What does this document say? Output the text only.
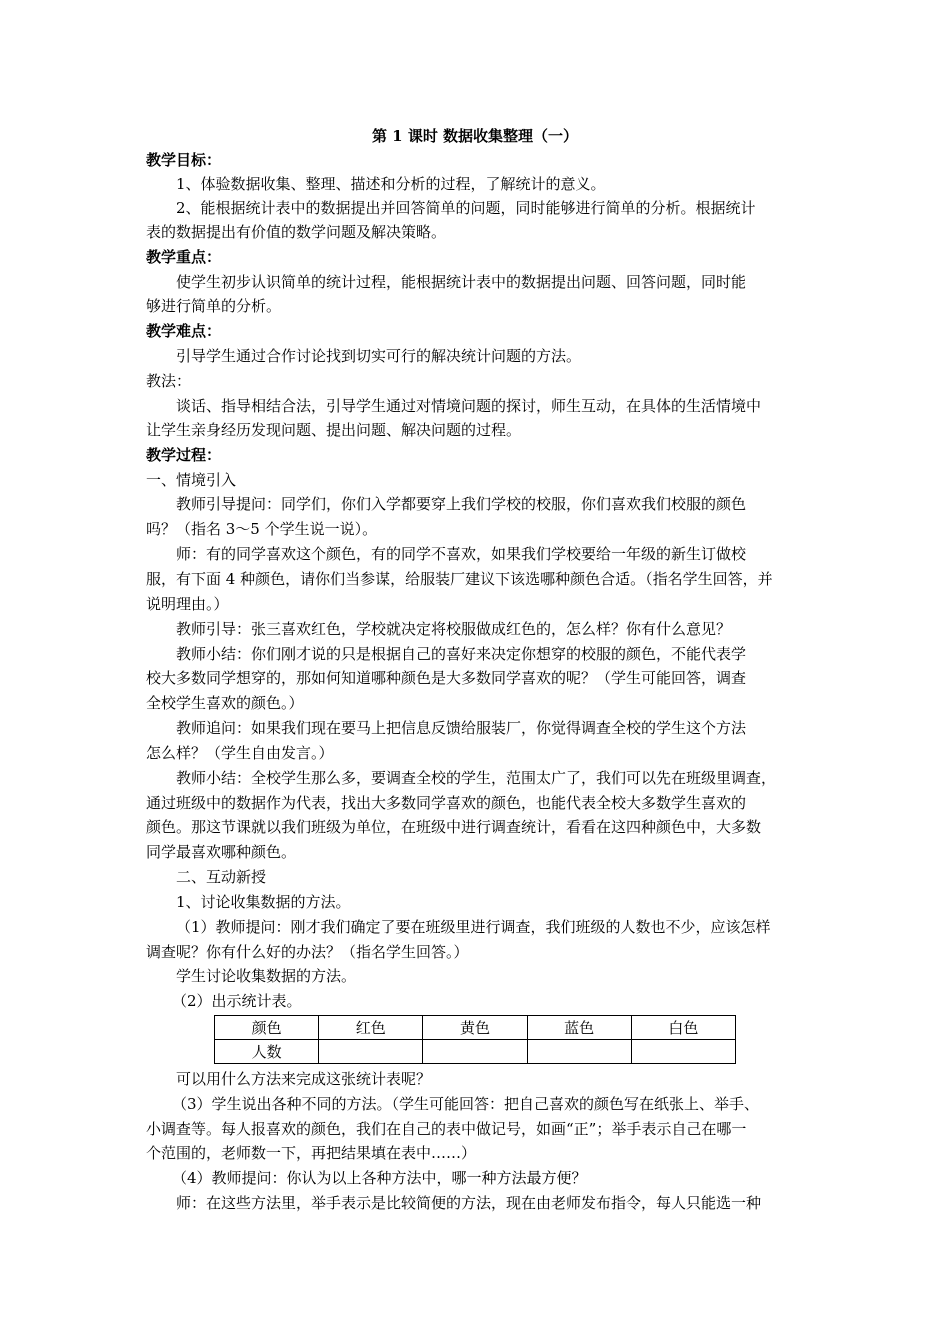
第 1 课时 数据收集整理（一）
教学目标：
1、体验数据收集、整理、描述和分析的过程，了解统计的意义。
2、能根据统计表中的数据提出并回答简单的问题，同时能够进行简单的分析。根据统计
表的数据提出有价值的数学问题及解决策略。
教学重点：
使学生初步认识简单的统计过程，能根据统计表中的数据提出问题、回答问题，同时能
够进行简单的分析。
教学难点：
引导学生通过合作讨论找到切实可行的解决统计问题的方法。
教法：
谈话、指导相结合法，引导学生通过对情境问题的探讨，师生互动，在具体的生活情境中
让学生亲身经历发现问题、提出问题、解决问题的过程。
教学过程：
一、情境引入
教师引导提问：同学们，你们入学都要穿上我们学校的校服，你们喜欢我们校服的颜色
吗？（指名 3～5 个学生说一说）。
师：有的同学喜欢这个颜色，有的同学不喜欢，如果我们学校要给一年级的新生订做校
服，有下面 4 种颜色，请你们当参谋，给服装厂建议下该选哪种颜色合适。（指名学生回答，并
说明理由。）
教师引导：张三喜欢红色，学校就决定将校服做成红色的，怎么样？你有什么意见？
教师小结：你们刚才说的只是根据自己的喜好来决定你想穿的校服的颜色，不能代表学
校大多数同学想穿的，那如何知道哪种颜色是大多数同学喜欢的呢？（学生可能回答，调查
全校学生喜欢的颜色。）
教师追问：如果我们现在要马上把信息反馈给服装厂，你觉得调查全校的学生这个方法
怎么样？（学生自由发言。）
教师小结：全校学生那么多，要调查全校的学生，范围太广了，我们可以先在班级里调查，
通过班级中的数据作为代表，找出大多数同学喜欢的颜色，也能代表全校大多数学生喜欢的
颜色。那这节课就以我们班级为单位，在班级中进行调查统计，看看在这四种颜色中，大多数
同学最喜欢哪种颜色。
二、互动新授
1、讨论收集数据的方法。
（1）教师提问：刚才我们确定了要在班级里进行调查，我们班级的人数也不少，应该怎样
调查呢？你有什么好的办法？（指名学生回答。）
学生讨论收集数据的方法。
（2）出示统计表。
颜色	红色	黄色	蓝色	白色
人数				
可以用什么方法来完成这张统计表呢？
（3）学生说出各种不同的方法。（学生可能回答：把自己喜欢的颜色写在纸张上、举手、
小调查等。每人报喜欢的颜色，我们在自己的表中做记号，如画“正”；举手表示自己在哪一
个范围的，老师数一下，再把结果填在表中……）
（4）教师提问：你认为以上各种方法中，哪一种方法最方便？
师：在这些方法里，举手表示是比较简便的方法，现在由老师发布指令，每人只能选一种
